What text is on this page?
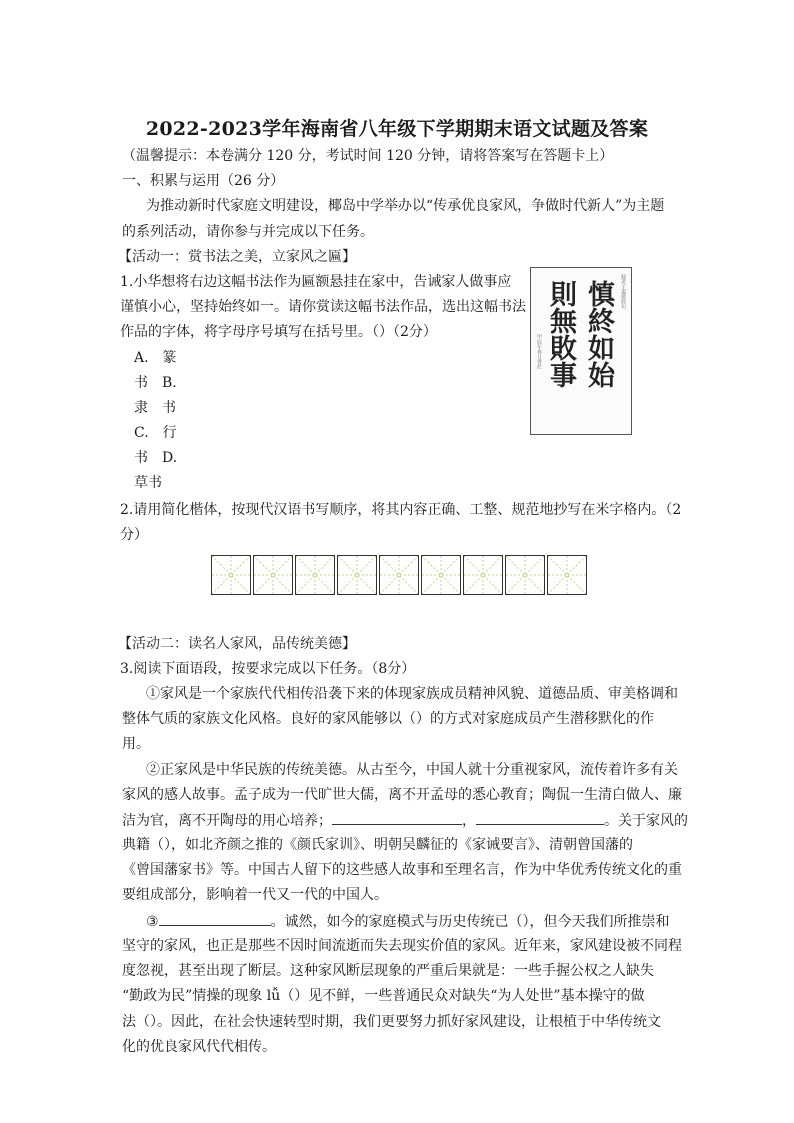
2022-2023学年海南省八年级下学期期末语文试题及答案
（温馨提示：本卷满分 120 分，考试时间 120 分钟，请将答案写在答题卡上）
一、积累与运用（26 分）
为推动新时代家庭文明建设，椰岛中学举办以“传承优良家风，争做时代新人”为主题
的系列活动，请你参与并完成以下任务。
【活动一：赏书法之美，立家风之匾】
1.小华想将右边这幅书法作为匾额悬挂在家中，告诫家人做事应
谨慎小心，坚持始终如一。请你赏读这幅书法作品，选出这幅书法
作品的字体，将字母序号填写在括号里。（）（2分）
A.　篆
书　B.
隶　书
C.　行
书　D.
草书
録老子道德經句
慎終如始
則無敗事
甲辰年春日書於
2.请用简化楷体，按现代汉语书写顺序，将其内容正确、工整、规范地抄写在米字格内。（2
分）
【活动二：读名人家风，品传统美德】
3.阅读下面语段，按要求完成以下任务。（8分）
①家风是一个家族代代相传沿袭下来的体现家族成员精神风貌、道德品质、审美格调和
整体气质的家族文化风格。良好的家风能够以（）的方式对家庭成员产生潜移默化的作
用。
②正家风是中华民族的传统美德。从古至今，中国人就十分重视家风，流传着许多有关
家风的感人故事。孟子成为一代旷世大儒，离不开孟母的悉心教育；陶侃一生清白做人、廉
洁为官，离不开陶母的用心培养；	，	。关于家风的
典籍（），如北齐颜之推的《颜氏家训》、明朝吴麟征的《家诫要言》、清朝曾国藩的
《曾国藩家书》等。中国古人留下的这些感人故事和至理名言，作为中华优秀传统文化的重
要组成部分，影响着一代又一代的中国人。
③	。诚然，如今的家庭模式与历史传统已（），但今天我们所推崇和
坚守的家风，也正是那些不因时间流逝而失去现实价值的家风。近年来，家风建设被不同程
度忽视，甚至出现了断层。这种家风断层现象的严重后果就是：一些手握公权之人缺失
“勤政为民”情操的现象 lǚ（）见不鲜，一些普通民众对缺失“为人处世”基本操守的做
法（）。因此，在社会快速转型时期，我们更要努力抓好家风建设，让根植于中华传统文
化的优良家风代代相传。
